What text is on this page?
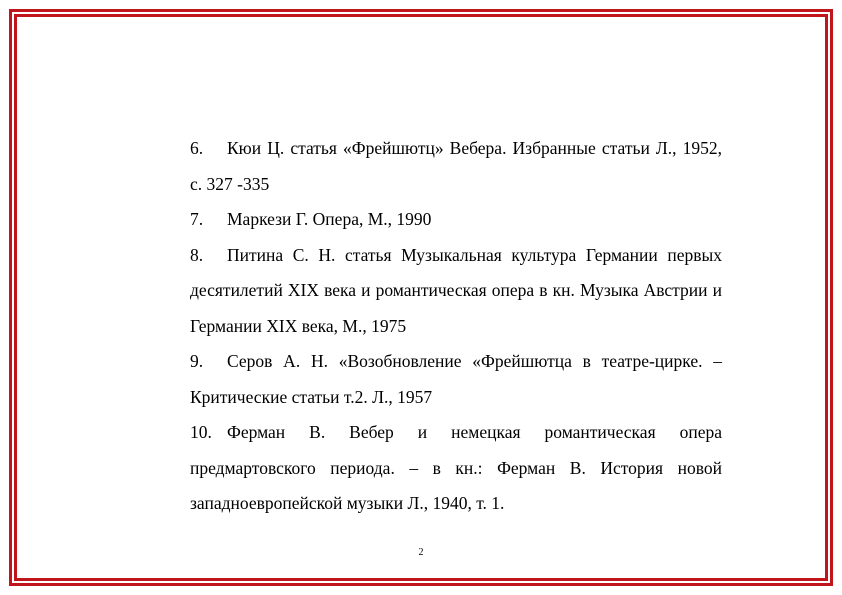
6. Кюи Ц. статья «Фрейшютц» Вебера. Избранные статьи Л., 1952, с. 327 -335

7. Маркези Г. Опера, М., 1990

8. Питина С. Н. статья Музыкальная культура Германии первых десятилетий XIX века и романтическая опера в кн. Музыка Австрии и Германии XIX века, М., 1975

9. Серов А. Н. «Возобновление «Фрейшютца в театре-цирке. – Критические статьи т.2. Л., 1957

10. Ферман В. Вебер и немецкая романтическая опера предмартовского периода. – в кн.: Ферман В. История новой западноевропейской музыки Л., 1940, т. 1.

2
